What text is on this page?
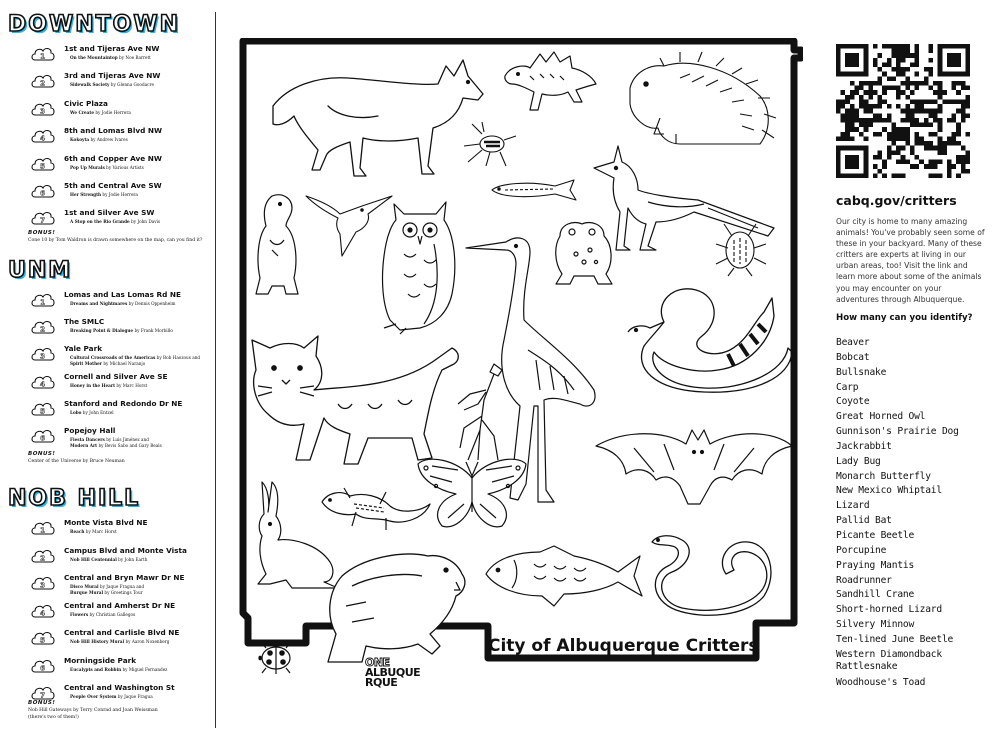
DOWNTOWN
1
1st and Tijeras Ave NW
On the Mountaintop by Noe Barrett
2
3rd and Tijeras Ave NW
Sidewalk Society by Glenna Goodacre
3
Civic Plaza
We Create by Jodie Herrera
4
8th and Lomas Blvd NW
Kokoyta by Andrew Ivares
5
6th and Copper Ave NW
Pop Up Murals by Various Artists
6
5th and Central Ave SW
Her Strength by Jodie Herrera
7
1st and Silver Ave SW
A Stop on the Rio Grande by John Davis
BONUS!
Cone 10 by Tom Waldron is drawn somewhere on the map, can you find it?
UNM
1
Lomas and Las Lomas Rd NE
Dreams and Nightmares by Dennis Oppenheim
2
The SMLC
Breaking Point & Dialogue by Frank Morbillo
3
Yale Park
Cultural Crossroads of the Americas by Bob Haozous and
Spirit Mother by Michael Naranjo
4
Cornell and Silver Ave SE
Honey in the Heart by Marc Horst
5
Stanford and Redondo Dr NE
Lobo by John Entzel
6
Popejoy Hall
Fiesta Dancers by Luis Jiménez and
Modern Art by Bevis Sabo and Gary Beals
BONUS!
Center of the Universe by Bruce Neuman
NOB HILL
1
Monte Vista Blvd NE
Reach by Marc Horst
2
Campus Blvd and Monte Vista
Nob Hill Centennial by John Earth
3
Central and Bryn Mawr Dr NE
Disco Mural by Jaque Fragua and
Burque Mural by Greetings Tour
4
Central and Amherst Dr NE
Flowers by Christian Gallegos
5
Central and Carlisle Blvd NE
Nob Hill History Mural by Aaron Noxenberg
6
Morningside Park
Eucalypts and Robbin by Miguel Fernandez
7
Central and Washington St
People Over System by Jaque Fragua
BONUS!
Nob Hill Gateways by Terry Conrad and Joan Weissman
(there's two of them!)
ONE
ALBUQUE
RQUE
City of Albuquerque Critters
cabq.gov/critters
Our city is home to many amazing animals! You've probably seen some of these in your backyard. Many of these critters are experts at living in our urban areas, too! Visit the link and learn more about some of the animals you may encounter on your adventures through Albuquerque.
How many can you identify?
Beaver
Bobcat
Bullsnake
Carp
Coyote
Great Horned Owl
Gunnison's Prairie Dog
Jackrabbit
Lady Bug
Monarch Butterfly
New Mexico Whiptail
Lizard
Pallid Bat
Picante Beetle
Porcupine
Praying Mantis
Roadrunner
Sandhill Crane
Short-horned Lizard
Silvery Minnow
Ten-lined June Beetle
Western Diamondback
Rattlesnake
Woodhouse's Toad
